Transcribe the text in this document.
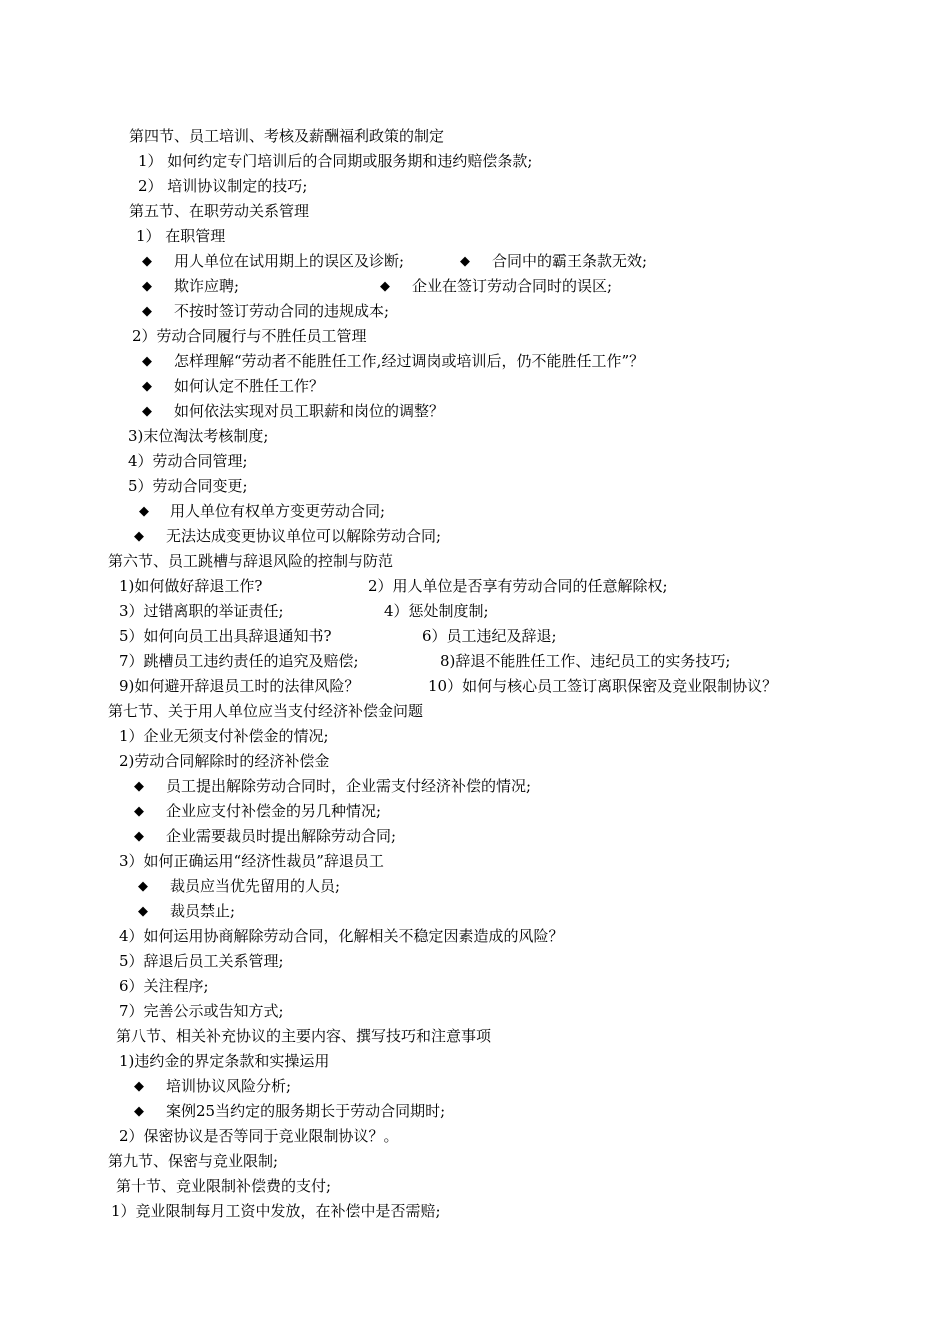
第四节、员工培训、考核及薪酬福利政策的制定
1） 如何约定专门培训后的合同期或服务期和违约赔偿条款;
2） 培训协议制定的技巧;
第五节、在职劳动关系管理
1） 在职管理
◆ 用人单位在试用期上的误区及诊断;	◆ 合同中的霸王条款无效;
◆ 欺诈应聘;	◆ 企业在签订劳动合同时的误区;
◆ 不按时签订劳动合同的违规成本;
2）劳动合同履行与不胜任员工管理
◆ 怎样理解“劳动者不能胜任工作,经过调岗或培训后，仍不能胜任工作”？
◆ 如何认定不胜任工作？
◆ 如何依法实现对员工职薪和岗位的调整？
3)末位淘汰考核制度;
4）劳动合同管理;
5）劳动合同变更;
◆ 用人单位有权单方变更劳动合同;
◆ 无法达成变更协议单位可以解除劳动合同;
第六节、员工跳槽与辞退风险的控制与防范
1)如何做好辞退工作?	2）用人单位是否享有劳动合同的任意解除权;
3）过错离职的举证责任;	4）惩处制度制;
5）如何向员工出具辞退通知书?	6）员工违纪及辞退;
7）跳槽员工违约责任的追究及赔偿;	8)辞退不能胜任工作、违纪员工的实务技巧;
9)如何避开辞退员工时的法律风险？	10）如何与核心员工签订离职保密及竞业限制协议？
第七节、关于用人单位应当支付经济补偿金问题
1）企业无须支付补偿金的情况;
2)劳动合同解除时的经济补偿金
◆ 员工提出解除劳动合同时，企业需支付经济补偿的情况;
◆ 企业应支付补偿金的另几种情况;
◆ 企业需要裁员时提出解除劳动合同;
3）如何正确运用“经济性裁员”辞退员工
◆ 裁员应当优先留用的人员;
◆ 裁员禁止;
4）如何运用协商解除劳动合同，化解相关不稳定因素造成的风险？
5）辞退后员工关系管理;
6）关注程序;
7）完善公示或告知方式;
第八节、相关补充协议的主要内容、撰写技巧和注意事项
1)违约金的界定条款和实操运用
◆ 培训协议风险分析;
◆ 案例25当约定的服务期长于劳动合同期时;
2）保密协议是否等同于竞业限制协议？。
第九节、保密与竞业限制;
第十节、竞业限制补偿费的支付;
1）竞业限制每月工资中发放，在补偿中是否需赔;
